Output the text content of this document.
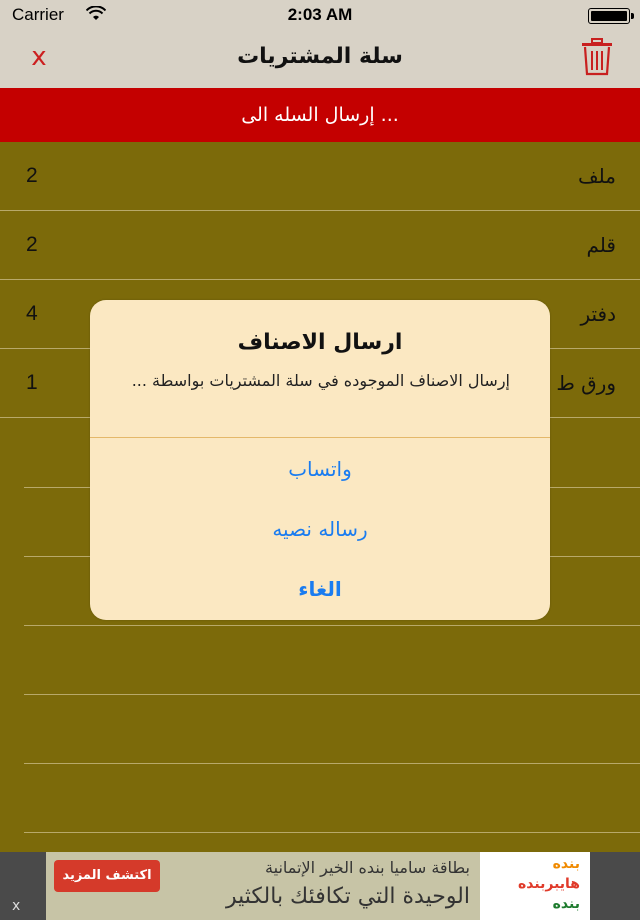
Carrier	2:03 AM
x	سلة المشتريات
إرسال السله الى ...
ملف
2
قلم
2
دفتر
4
ورق ط
1
ارسال الاصناف
إرسال الاصناف الموجوده في سلة المشتريات بواسطة ...
واتساب
رساله نصيه
الغاء
x
اكتشف المزيد	بطاقة ساميا بنده الخير الإتمانية
الوحيدة التي تكافئك بالكثير
بنده
هايبربنده
بنده
